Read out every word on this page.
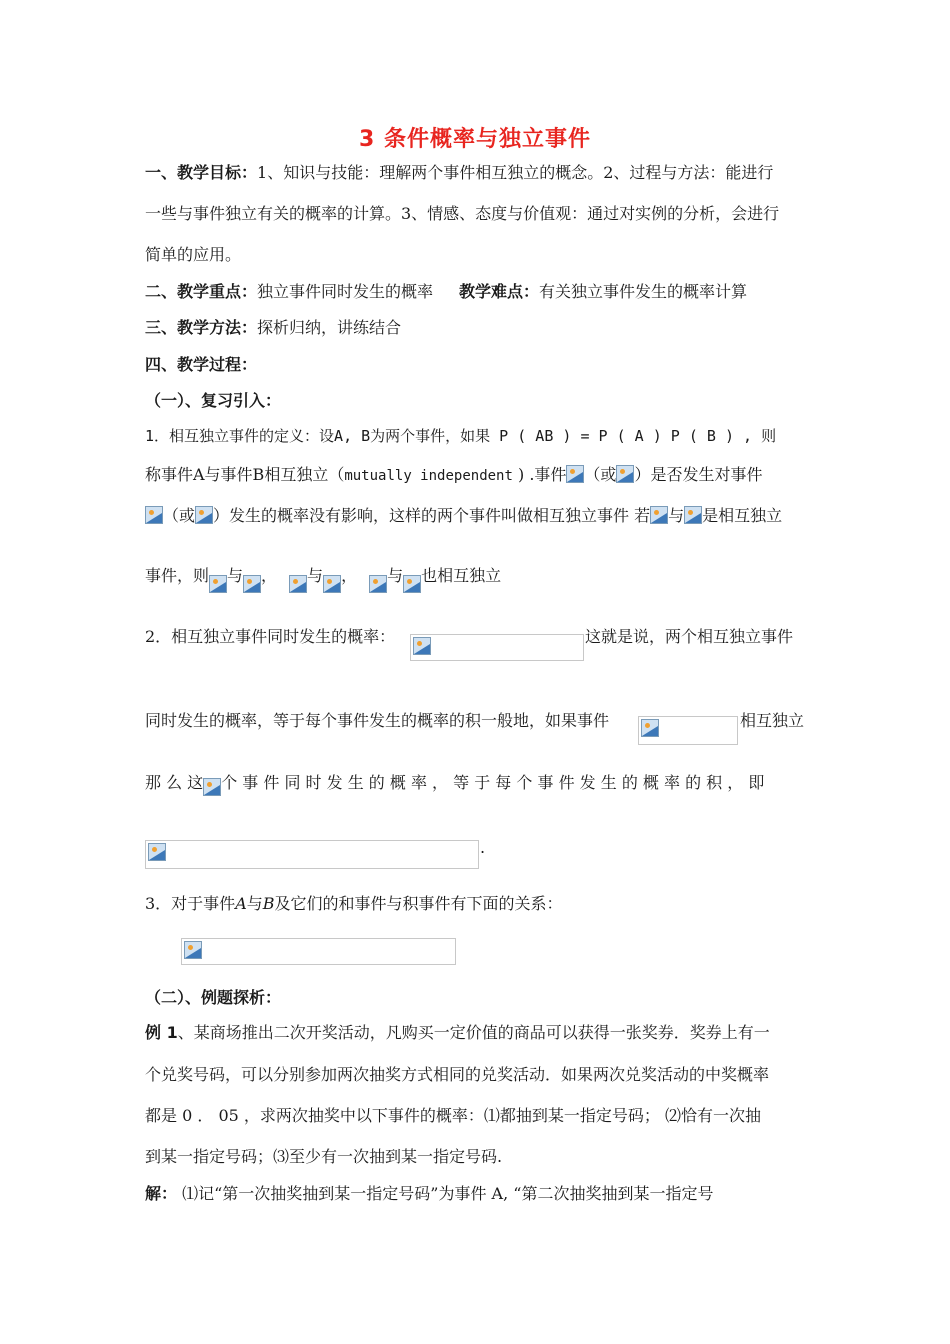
3 条件概率与独立事件
一、教学目标：1、知识与技能：理解两个事件相互独立的概念。2、过程与方法：能进行
一些与事件独立有关的概率的计算。3、情感、态度与价值观：通过对实例的分析，会进行
简单的应用。
二、教学重点：独立事件同时发生的概率 教学难点：有关独立事件发生的概率计算
三、教学方法：探析归纳，讲练结合
四、教学过程：
（一）、复习引入：
1．相互独立事件的定义：设A, B为两个事件，如果 P ( AB ) = P ( A ) P ( B ) , 则
称事件A与事件B相互独立（mutually independent ) .事件 （或 ）是否发生对事件
（或 ）发生的概率没有影响，这样的两个事件叫做相互独立事件 若 与 是相互独立
事件，则 与 ， 与 ， 与 也相互独立
2．相互独立事件同时发生的概率：	这就是说，两个相互独立事件
同时发生的概率，等于每个事件发生的概率的积一般地，如果事件	相互独立
那 么 这 个 事 件 同 时 发 生 的 概 率 ， 等 于 每 个 事 件 发 生 的 概 率 的 积 ， 即
.
3．对于事件A与B及它们的和事件与积事件有下面的关系：
（二）、例题探析：
例 1、某商场推出二次开奖活动，凡购买一定价值的商品可以获得一张奖券．奖券上有一
个兑奖号码，可以分别参加两次抽奖方式相同的兑奖活动．如果两次兑奖活动的中奖概率
都是 0 ． 05 ，求两次抽奖中以下事件的概率：⑴都抽到某一指定号码； ⑵恰有一次抽
到某一指定号码；⑶至少有一次抽到某一指定号码.
解： ⑴记“第一次抽奖抽到某一指定号码”为事件 A, “第二次抽奖抽到某一指定号
